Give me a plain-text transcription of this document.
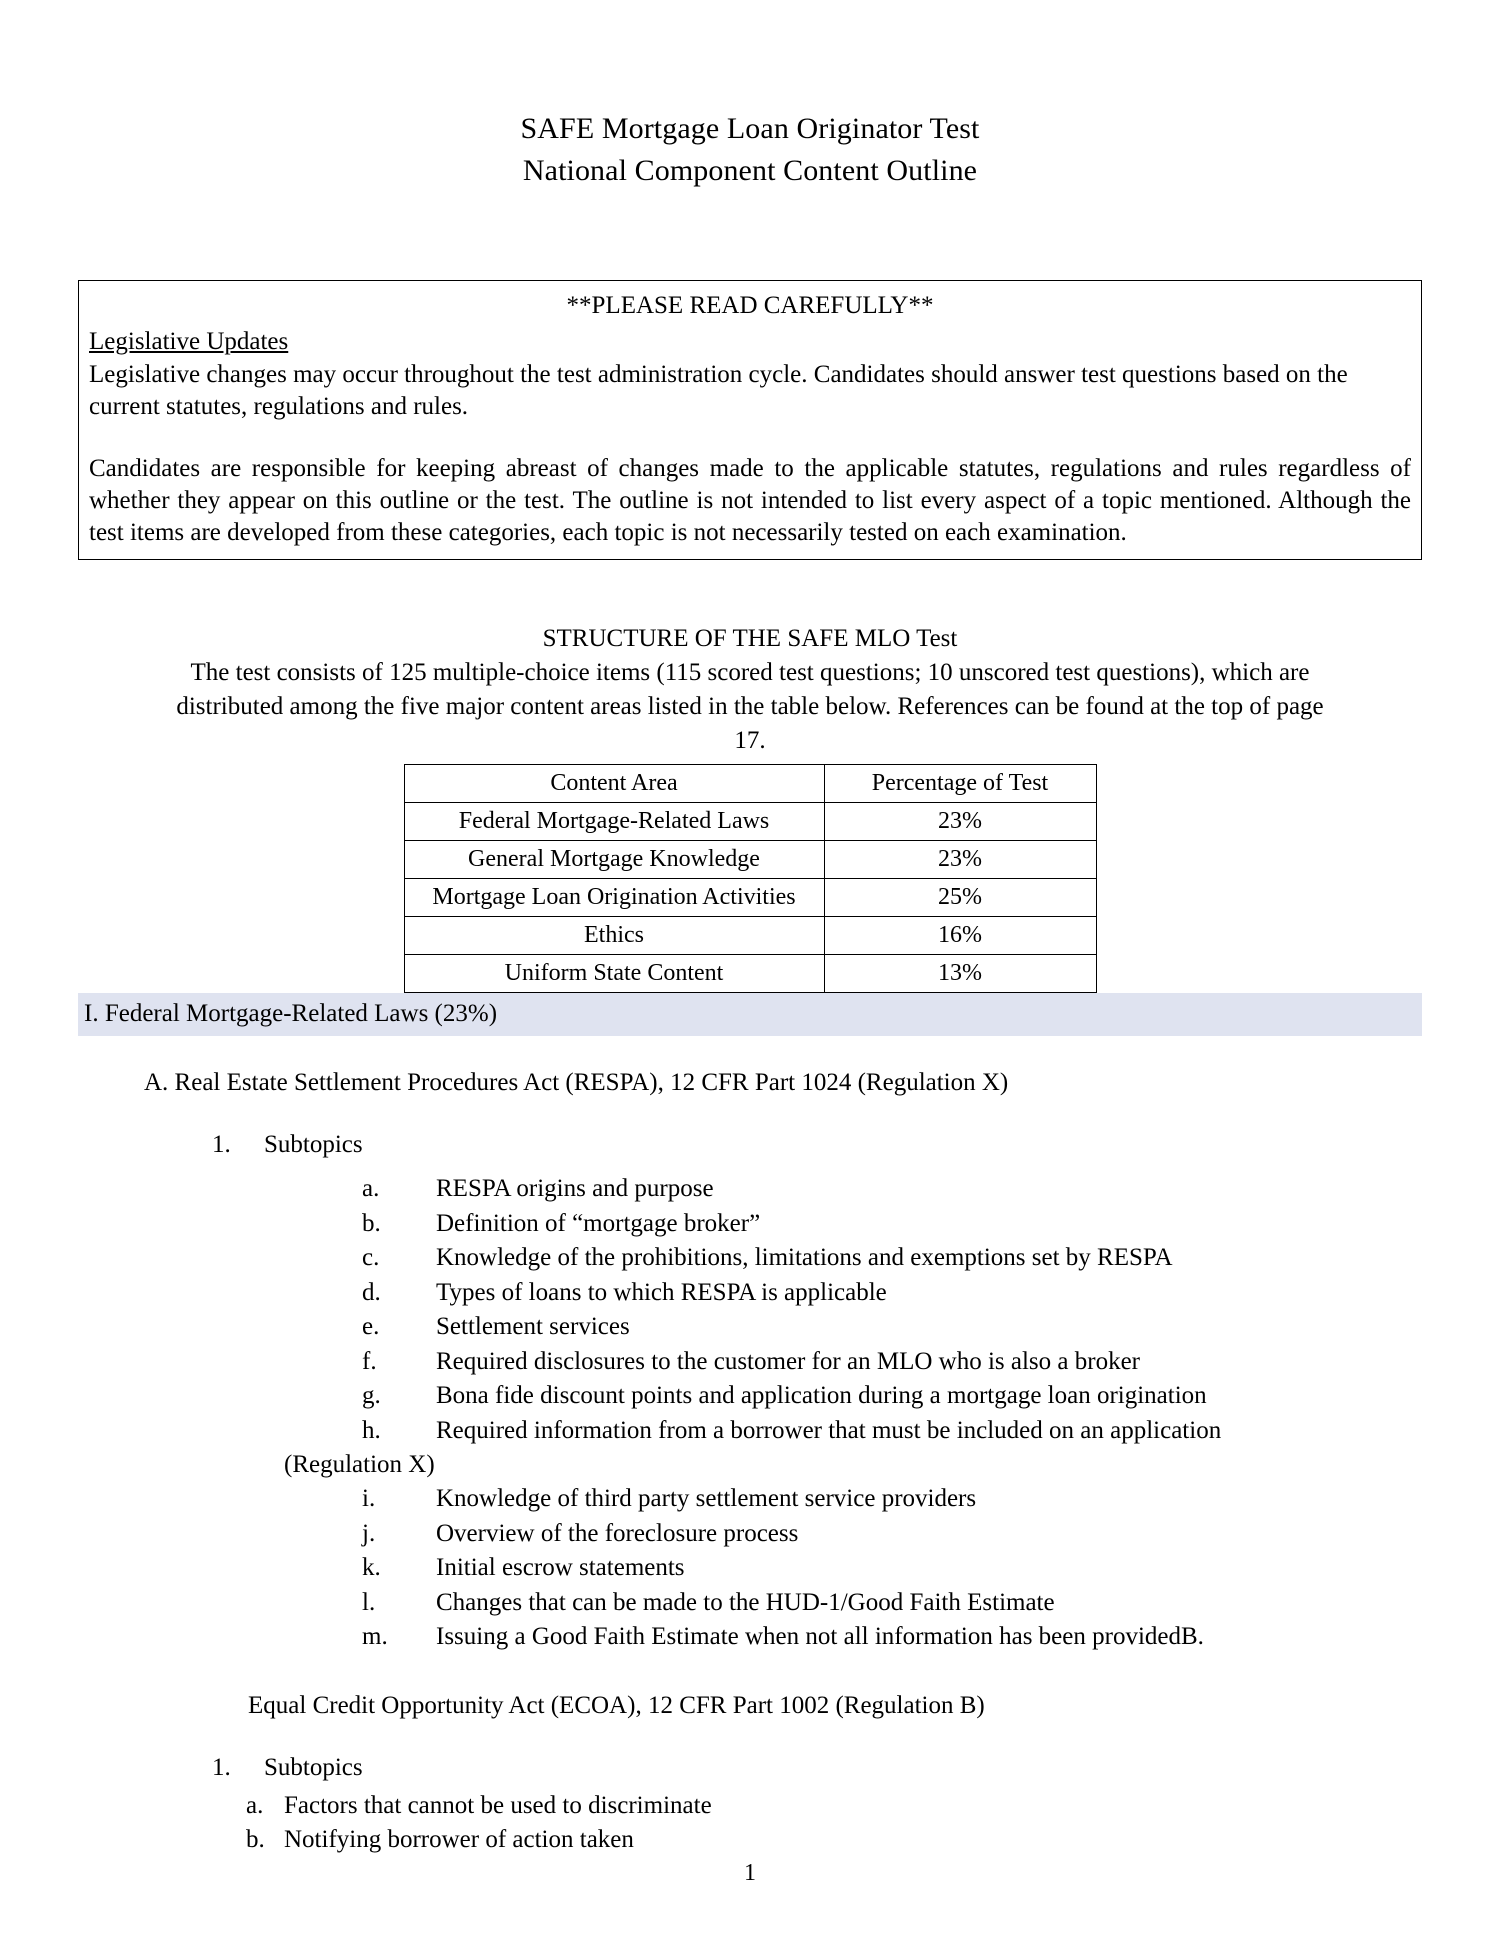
SAFE Mortgage Loan Originator Test
National Component Content Outline
**PLEASE READ CAREFULLY**
Legislative Updates

Legislative changes may occur throughout the test administration cycle. Candidates should answer test questions based on the current statutes, regulations and rules.

Candidates are responsible for keeping abreast of changes made to the applicable statutes, regulations and rules regardless of whether they appear on this outline or the test. The outline is not intended to list every aspect of a topic mentioned. Although the test items are developed from these categories, each topic is not necessarily tested on each examination.

STRUCTURE OF THE SAFE MLO Test
The test consists of 125 multiple-choice items (115 scored test questions; 10 unscored test questions), which are distributed among the five major content areas listed in the table below. References can be found at the top of page 17.
Content Area	Percentage of Test
Federal Mortgage-Related Laws	23%
General Mortgage Knowledge	23%
Mortgage Loan Origination Activities	25%
Ethics	16%
Uniform State Content	13%
I. Federal Mortgage-Related Laws (23%)
A. Real Estate Settlement Procedures Act (RESPA), 12 CFR Part 1024 (Regulation X)
1.	Subtopics
a.	RESPA origins and purpose
b.	Definition of “mortgage broker”
c.	Knowledge of the prohibitions, limitations and exemptions set by RESPA
d.	Types of loans to which RESPA is applicable
e.	Settlement services
f.	Required disclosures to the customer for an MLO who is also a broker
g.	Bona fide discount points and application during a mortgage loan origination
h.	Required information from a borrower that must be included on an application
(Regulation X)
i.	Knowledge of third party settlement service providers
j.	Overview of the foreclosure process
k.	Initial escrow statements
l.	Changes that can be made to the HUD-1/Good Faith Estimate
m.	Issuing a Good Faith Estimate when not all information has been providedB.
Equal Credit Opportunity Act (ECOA), 12 CFR Part 1002 (Regulation B)
1.	Subtopics
a. Factors that cannot be used to discriminate
b. Notifying borrower of action taken
1
